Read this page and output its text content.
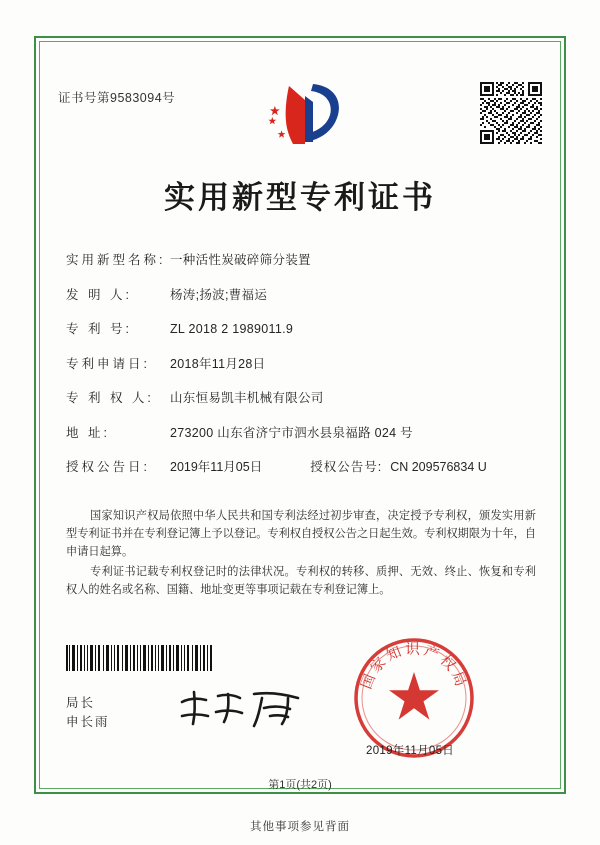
证书号第9583094号
实用新型专利证书
实用新型名称: 一种活性炭破碎筛分装置
发 明 人:	杨涛;扬波;曹福运
专 利 号:	ZL 2018 2 1989011.9
专利申请日:	2018年11月28日
专 利 权 人:	山东恒易凯丰机械有限公司
地 址:	273200 山东省济宁市泗水县泉福路 024 号
授权公告日:	2019年11月05日	授权公告号: CN 209576834 U
国家知识产权局依照中华人民共和国专利法经过初步审查，决定授予专利权，颁发实用新型专利证书并在专利登记簿上予以登记。专利权自授权公告之日起生效。专利权期限为十年，自申请日起算。
专利证书记载专利权登记时的法律状况。专利权的转移、质押、无效、终止、恢复和专利权人的姓名或名称、国籍、地址变更等事项记载在专利登记簿上。
国家知识产权局
局长
申长雨
2019年11月05日
第1页(共2页)
其他事项参见背面
